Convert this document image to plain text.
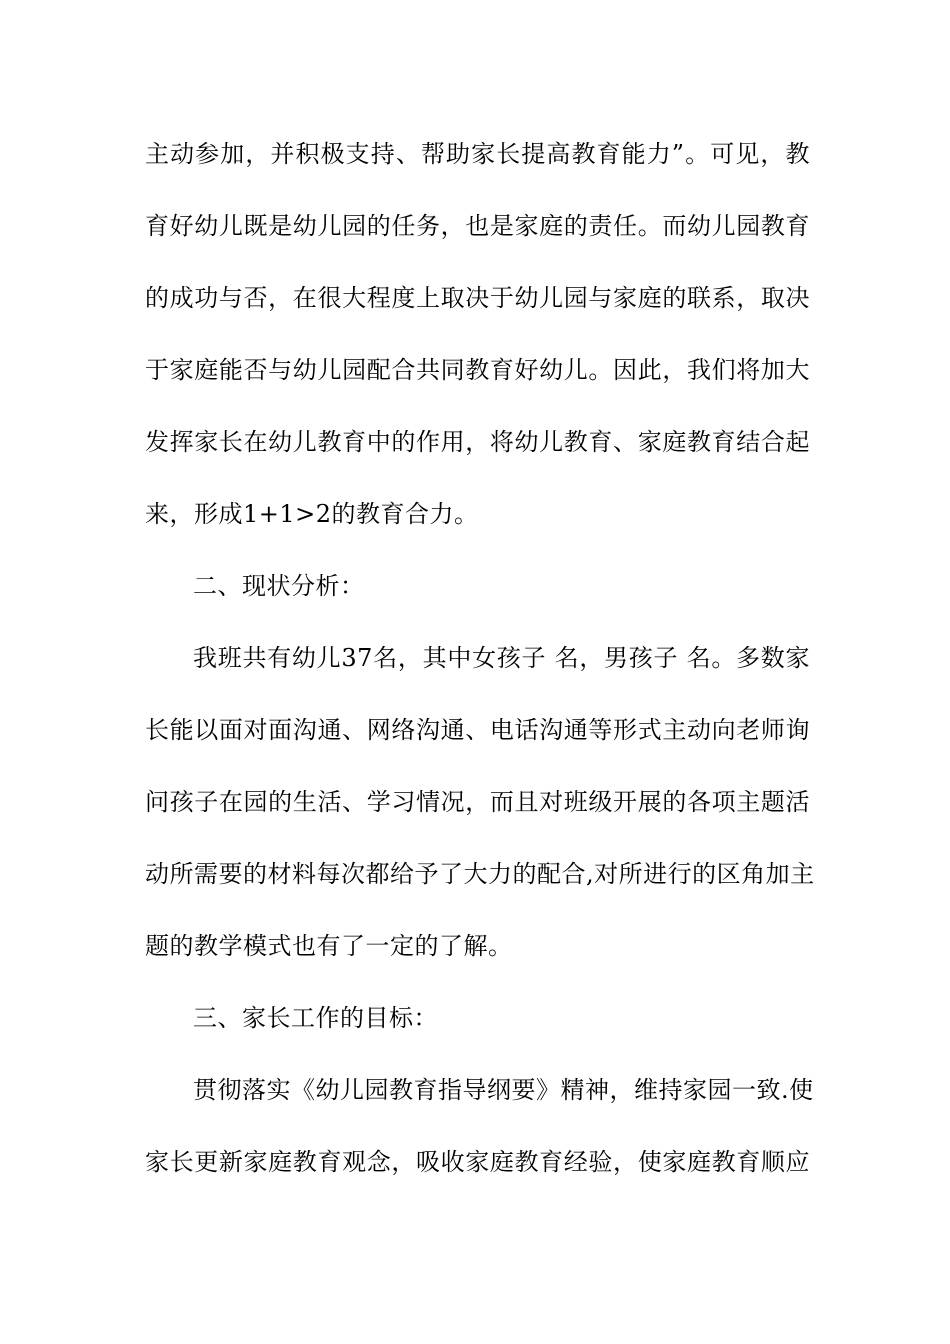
主动参加，并积极支持、帮助家长提高教育能力”。可见，教
育好幼儿既是幼儿园的任务，也是家庭的责任。而幼儿园教育
的成功与否，在很大程度上取决于幼儿园与家庭的联系，取决
于家庭能否与幼儿园配合共同教育好幼儿。因此，我们将加大
发挥家长在幼儿教育中的作用，将幼儿教育、家庭教育结合起
来，形成1+1>2的教育合力。
二、现状分析：
我班共有幼儿37名，其中女孩子 名，男孩子 名。多数家
长能以面对面沟通、网络沟通、电话沟通等形式主动向老师询
问孩子在园的生活、学习情况，而且对班级开展的各项主题活
动所需要的材料每次都给予了大力的配合,对所进行的区角加主
题的教学模式也有了一定的了解。
三、家长工作的目标：
贯彻落实《幼儿园教育指导纲要》精神，维持家园一致.使
家长更新家庭教育观念，吸收家庭教育经验，使家庭教育顺应
